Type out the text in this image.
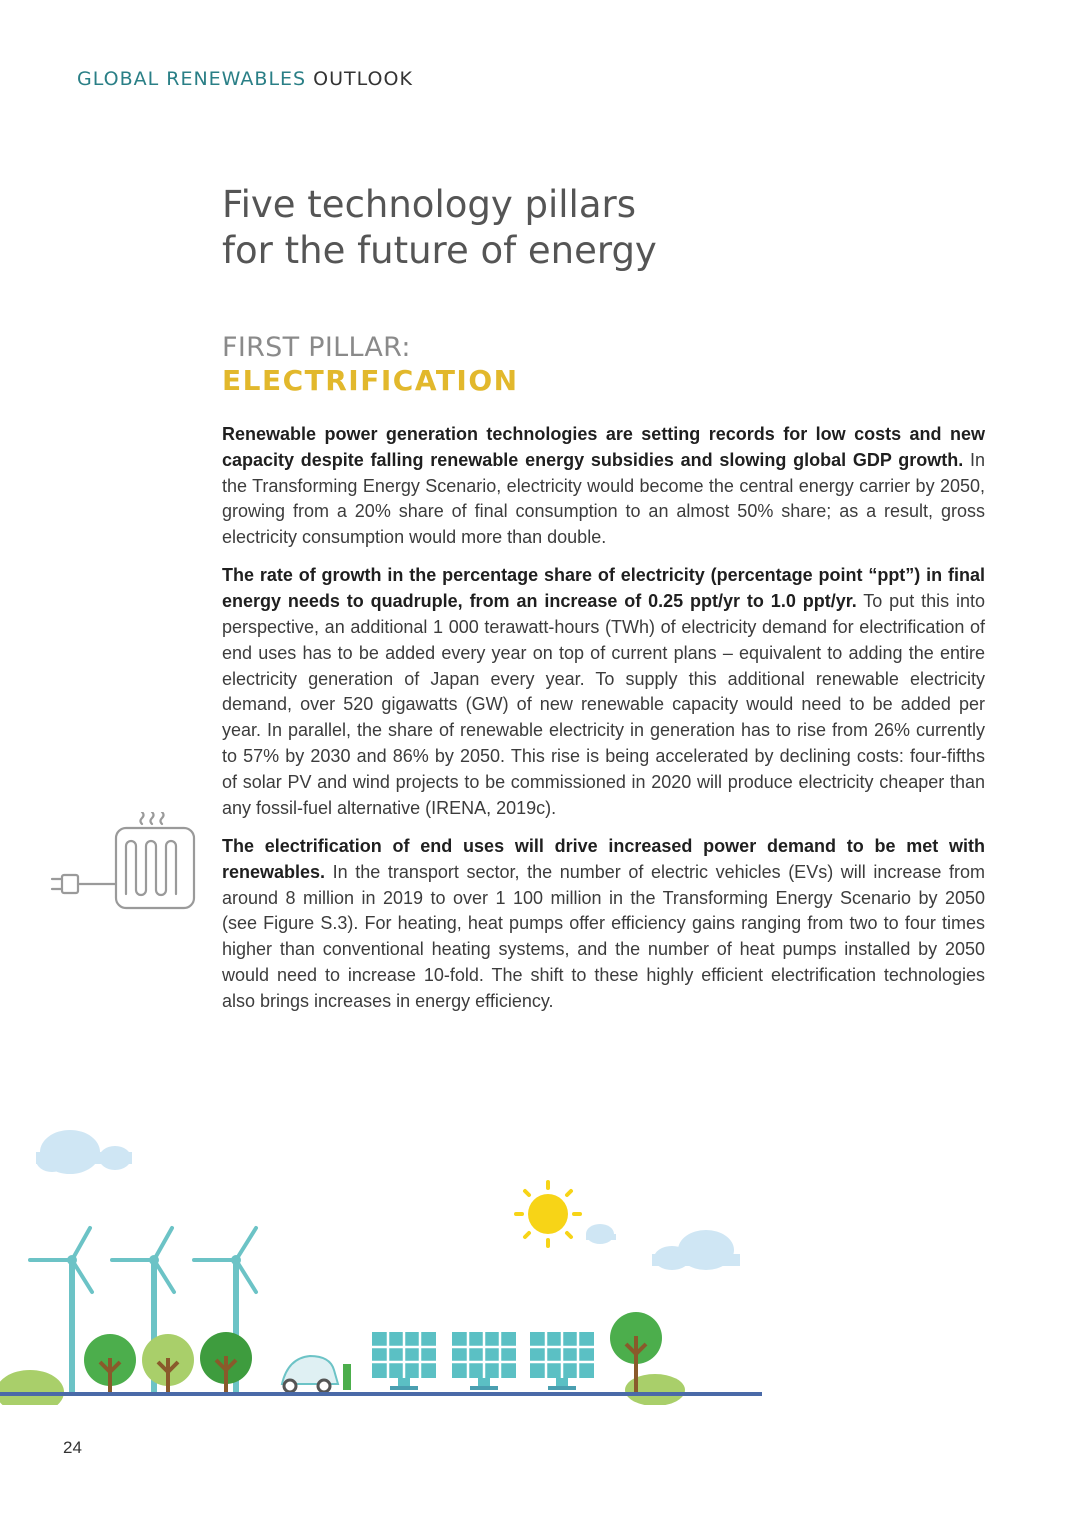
GLOBAL RENEWABLES OUTLOOK
Five technology pillars
for the future of energy
FIRST PILLAR:
ELECTRIFICATION

Renewable power generation technologies are setting records for low costs and new capacity despite falling renewable energy subsidies and slowing global GDP growth. In the Transforming Energy Scenario, electricity would become the central energy carrier by 2050, growing from a 20% share of final consumption to an almost 50% share; as a result, gross electricity consumption would more than double.

The rate of growth in the percentage share of electricity (percentage point “ppt”) in final energy needs to quadruple, from an increase of 0.25 ppt/yr to 1.0 ppt/yr. To put this into perspective, an additional 1 000 terawatt-hours (TWh) of electricity demand for electrification of end uses has to be added every year on top of current plans – equivalent to adding the entire electricity generation of Japan every year. To supply this additional renewable electricity demand, over 520 gigawatts (GW) of new renewable capacity would need to be added per year. In parallel, the share of renewable electricity in generation has to rise from 26% currently to 57% by 2030 and 86% by 2050. This rise is being accelerated by declining costs: four-fifths of solar PV and wind projects to be commissioned in 2020 will produce electricity cheaper than any fossil-fuel alternative (IRENA, 2019c).

The electrification of end uses will drive increased power demand to be met with renewables. In the transport sector, the number of electric vehicles (EVs) will increase from around 8 million in 2019 to over 1 100 million in the Transforming Energy Scenario by 2050 (see Figure S.3). For heating, heat pumps offer efficiency gains ranging from two to four times higher than conventional heating systems, and the number of heat pumps installed by 2050 would need to increase 10-fold. The shift to these highly efficient electrification technologies also brings increases in energy efficiency.

24
